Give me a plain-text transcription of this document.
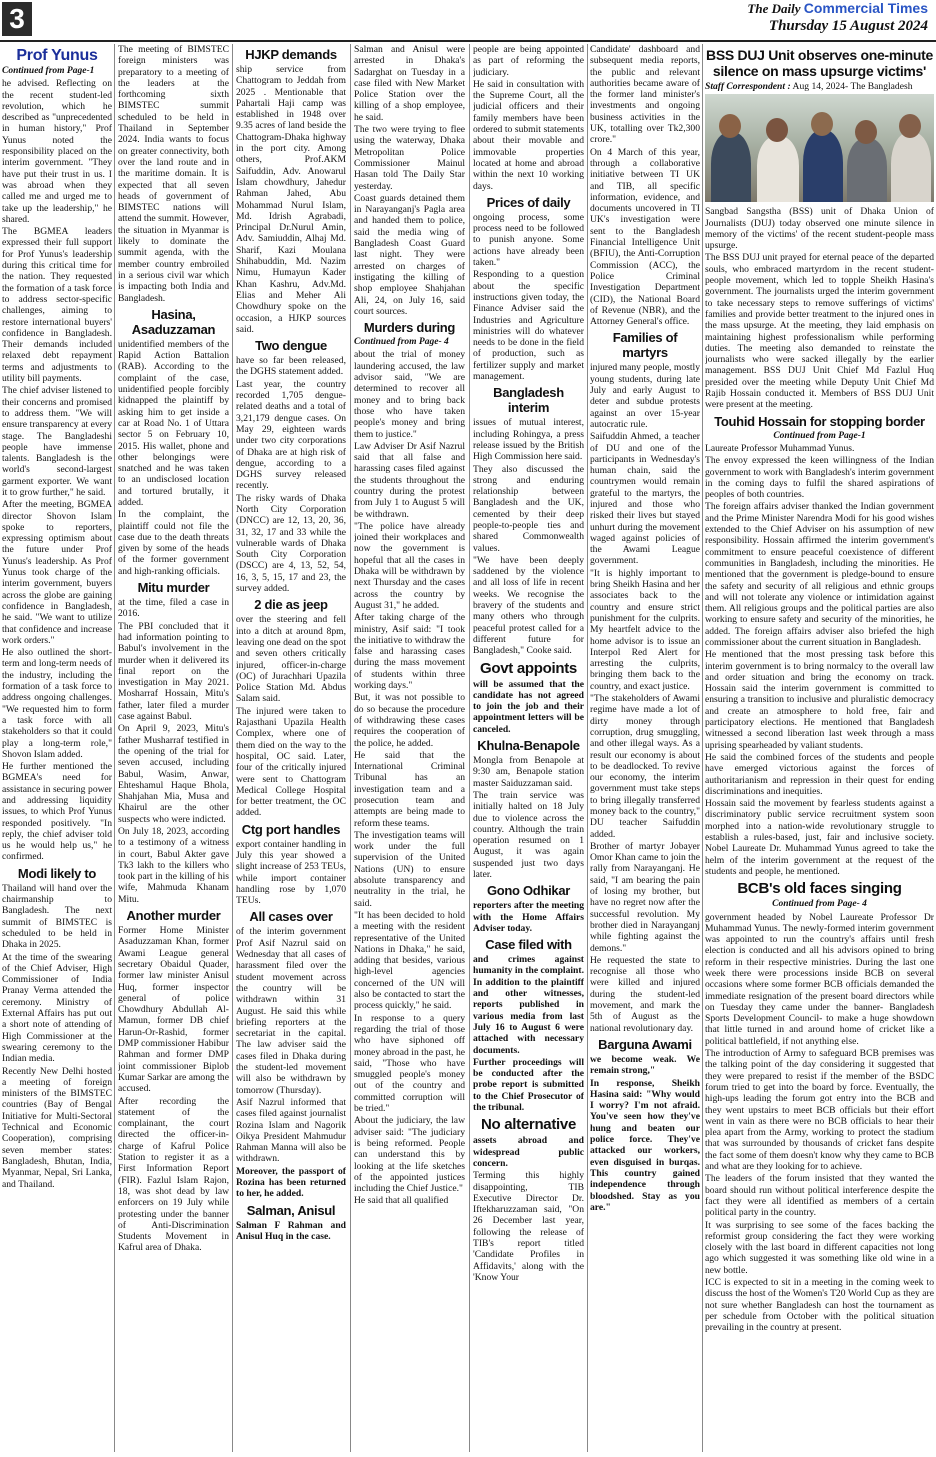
3	The Daily Commercial Times
Thursday 15 August 2024
Prof Yunus
Continued from Page-1

he advised. Reflecting on the recent student-led revolution, which he described as "unprecedented in human history," Prof Yunus noted the responsibility placed on the interim government. "They have put their trust in us. I was abroad when they called me and urged me to take up the leadership," he shared.

The BGMEA leaders expressed their full support for Prof Yunus's leadership during this critical time for the nation. They requested the formation of a task force to address sector-specific challenges, aiming to restore international buyers' confidence in Bangladesh. Their demands included relaxed debt repayment terms and adjustments to utility bill payments.

The chief adviser listened to their concerns and promised to address them. "We will ensure transparency at every stage. The Bangladeshi people have immense talents. Bangladesh is the world's second-largest garment exporter. We want it to grow further," he said.

After the meeting, BGMEA director Shovon Islam spoke to reporters, expressing optimism about the future under Prof Yunus's leadership. As Prof Yunus took charge of the interim government, buyers across the globe are gaining confidence in Bangladesh, he said. "We want to utilize that confidence and increase work orders."

He also outlined the short-term and long-term needs of the industry, including the formation of a task force to address ongoing challenges. "We requested him to form a task force with all stakeholders so that it could play a long-term role," Shovon Islam added.

He further mentioned the BGMEA's need for assistance in securing power and addressing liquidity issues, to which Prof Yunus responded positively. "In reply, the chief adviser told us he would help us," he confirmed.

Modi likely to

Thailand will hand over the chairmanship to Bangladesh. The next summit of BIMSTEC is scheduled to be held in Dhaka in 2025.

At the time of the swearing of the Chief Adviser, High Commissioner of India Pranay Verma attended the ceremony. Ministry of External Affairs has put out a short note of attending of High Commissioner at the swearing ceremony to the Indian media.

Recently New Delhi hosted a meeting of foreign ministers of the BIMSTEC countries (Bay of Bengal Initiative for Multi-Sectoral Technical and Economic Cooperation), comprising seven member states: Bangladesh, Bhutan, India, Myanmar, Nepal, Sri Lanka, and Thailand.

The meeting of BIMSTEC foreign ministers was preparatory to a meeting of the leaders at the forthcoming sixth BIMSTEC summit scheduled to be held in Thailand in September 2024. India wants to focus on greater connectivity, both over the land route and in the maritime domain. It is expected that all seven heads of government of BIMSTEC nations will attend the summit. However, the situation in Myanmar is likely to dominate the summit agenda, with the member country embroiled in a serious civil war which is impacting both India and Bangladesh.

Hasina, Asaduzzaman

unidentified members of the Rapid Action Battalion (RAB). According to the complaint of the case, unidentified people forcibly kidnapped the plaintiff by asking him to get inside a car at Road No. 1 of Uttara sector 5 on February 10, 2015. His wallet, phone and other belongings were snatched and he was taken to an undisclosed location and tortured brutally, it added.

In the complaint, the plaintiff could not file the case due to the death threats given by some of the heads of the former government and high-ranking officials.

Mitu murder

at the time, filed a case in 2016.

The PBI concluded that it had information pointing to Babul's involvement in the murder when it delivered its final report on the investigation in May 2021. Mosharraf Hossain, Mitu's father, later filed a murder case against Babul.

On April 9, 2023, Mitu's father Musharraf testified in the opening of the trial for seven accused, including Babul, Wasim, Anwar, Ehteshamul Haque Bhola, Shahjahan Mia, Musa and Khairul are the other suspects who were indicted.

On July 18, 2023, according to a testimony of a witness in court, Babul Akter gave Tk3 lakh to the killers who took part in the killing of his wife, Mahmuda Khanam Mitu.

Another murder

Former Home Minister Asaduzzaman Khan, former Awami League general secretary Obaidul Quader, former law minister Anisul Huq, former inspector general of police Chowdhury Abdullah Al-Mamun, former DB chief Harun-Or-Rashid, former DMP commissioner Habibur Rahman and former DMP joint commissioner Biplob Kumar Sarkar are among the accused.

After recording the statement of the complainant, the court directed the officer-in-charge of Kafrul Police Station to register it as a First Information Report (FIR). Fazlul Islam Rajon, 18, was shot dead by law enforcers on 19 July while protesting under the banner of Anti-Discrimination Students Movement in Kafrul area of Dhaka.

HJKP demands

ship service from Chattogram to Jeddah from 2025 . Mentionable that Pahartali Haji camp was established in 1948 over 9.35 acres of land beside the Chattogram-Dhaka highway in the port city. Among others, Prof.AKM Saifuddin, Adv. Anowarul Islam chowdhury, Jahedur Rahman Jahed, Abu Mohammad Nurul Islam, Md. Idrish Agrabadi, Principal Dr.Nurul Amin, Adv. Samiuddin, Alhaj Md. Sharif, Kazi Moulana Shihabuddin, Md. Nazim Nimu, Humayun Kader Khan Kashru, Adv.Md. Elias and Meher Ali Chowdhury spoke on the occasion, a HJKP sources said.

Two dengue

have so far been released, the DGHS statement added.

Last year, the country recorded 1,705 dengue-related deaths and a total of 3,21,179 dengue cases. On May 29, eighteen wards under two city corporations of Dhaka are at high risk of dengue, according to a DGHS survey released recently.

The risky wards of Dhaka North City Corporation (DNCC) are 12, 13, 20, 36, 31, 32, 17 and 33 while the vulnerable wards of Dhaka South City Corporation (DSCC) are 4, 13, 52, 54, 16, 3, 5, 15, 17 and 23, the survey added.

2 die as jeep

over the steering and fell into a ditch at around 8pm, leaving one dead on the spot and seven others critically injured, officer-in-charge (OC) of Jurachhari Upazila Police Station Md. Abdus Salam said.

The injured were taken to Rajasthani Upazila Health Complex, where one of them died on the way to the hospital, OC said. Later, four of the critically injured were sent to Chattogram Medical College Hospital for better treatment, the OC added.

Ctg port handles

export container handling in July this year showed a slight increase of 253 TEUs, while import container handling rose by 1,070 TEUs.

All cases over

of the interim government Prof Asif Nazrul said on Wednesday that all cases of harassment filed over the student movement across the country will be withdrawn within 31 August. He said this while briefing reporters at the secretariat in the capital. The law adviser said the cases filed in Dhaka during the student-led movement will also be withdrawn by tomorrow (Thursday).

Asif Nazrul informed that cases filed against journalist Rozina Islam and Nagorik Oikya President Mahmudur Rahman Manna will also be withdrawn.

Moreover, the passport of Rozina has been returned to her, he added.

Salman, Anisul

Salman F Rahman and Anisul Huq in the case.

Salman and Anisul were arrested in Dhaka's Sadarghat on Tuesday in a case filed with New Market Police Station over the killing of a shop employee, he said.

The two were trying to flee using the waterway, Dhaka Metropolitan Police Commissioner Mainul Hasan told The Daily Star yesterday.

Coast guards detained them in Narayanganj's Pagla area and handed them to police, said the media wing of Bangladesh Coast Guard last night. They were arrested on charges of instigating the killing of shop employee Shahjahan Ali, 24, on July 16, said court sources.

Murders during
Continued from Page- 4

about the trial of money laundering accused, the law advisor said, "We are determined to recover all money and to bring back those who have taken people's money and bring them to justice."

Law Adviser Dr Asif Nazrul said that all false and harassing cases filed against the students throughout the country during the protest from July 1 to August 5 will be withdrawn.

"The police have already joined their workplaces and now the government is hopeful that all the cases in Dhaka will be withdrawn by next Thursday and the cases across the country by August 31," he added.

After taking charge of the ministry, Asif said: "I took the initiative to withdraw the false and harassing cases during the mass movement of students within three working days."

But, it was not possible to do so because the procedure of withdrawing these cases requires the cooperation of the police, he added.

He said that the International Criminal Tribunal has an investigation team and a prosecution team and attempts are being made to reform these teams.

The investigation teams will work under the full supervision of the United Nations (UN) to ensure absolute transparency and neutrality in the trial, he said.

"It has been decided to hold a meeting with the resident representative of the United Nations in Dhaka," he said, adding that besides, various high-level agencies concerned of the UN will also be contacted to start the process quickly," he said.

In response to a query regarding the trial of those who have siphoned off money abroad in the past, he said, "Those who have smuggled people's money out of the country and committed corruption will be tried."

About the judiciary, the law adviser said: "The judiciary is being reformed. People can understand this by looking at the life sketches of the appointed justices including the Chief Justice."

He said that all qualified

people are being appointed as part of reforming the judiciary.

He said in consultation with the Supreme Court, all the judicial officers and their family members have been ordered to submit statements about their movable and immovable properties located at home and abroad within the next 10 working days.

Prices of daily

ongoing process, some process need to be followed to punish anyone. Some actions have already been taken."

Responding to a question about the specific instructions given today, the Finance Adviser said the Industries and Agriculture ministries will do whatever needs to be done in the field of production, such as fertilizer supply and market management.

Bangladesh interim

issues of mutual interest, including Rohingya, a press release issued by the British High Commission here said.

They also discussed the strong and enduring relationship between Bangladesh and the UK, cemented by their deep people-to-people ties and shared Commonwealth values.

"We have been deeply saddened by the violence and all loss of life in recent weeks. We recognise the bravery of the students and many others who through peaceful protest called for a different future for Bangladesh," Cooke said.

Govt appoints

will be assumed that the candidate has not agreed to join the job and their appointment letters will be canceled.

Khulna-Benapole

Mongla from Benapole at 9:30 am, Benapole station master Saiduzzaman said.

The train service was initially halted on 18 July due to violence across the country. Although the train operation resumed on 1 August, it was again suspended just two days later.

Gono Odhikar

reporters after the meeting with the Home Affairs Adviser today.

Case filed with

and crimes against humanity in the complaint. In addition to the plaintiff and other witnesses, reports published in various media from last July 16 to August 6 were attached with necessary documents.

Further proceedings will be conducted after the probe report is submitted to the Chief Prosecutor of the tribunal.

No alternative

assets abroad and widespread public concern.

Terming this highly disappointing, TIB Executive Director Dr. Iftekharuzzaman said, "On 26 December last year, following the release of TIB's report titled 'Candidate Profiles in Affidavits,' along with the 'Know Your

Candidate' dashboard and subsequent media reports, the public and relevant authorities became aware of the former land minister's investments and ongoing business activities in the UK, totalling over Tk2,300 crore."

On 4 March of this year, through a collaborative initiative between TI UK and TIB, all specific information, evidence, and documents uncovered in TI UK's investigation were sent to the Bangladesh Financial Intelligence Unit (BFIU), the Anti-Corruption Commission (ACC), the Police Criminal Investigation Department (CID), the National Board of Revenue (NBR), and the Attorney General's office.

Families of martyrs

injured many people, mostly young students, during late July and early August to deter and subdue protests against an over 15-year autocratic rule.

Saifuddin Ahmed, a teacher of DU and one of the participants in Wednesday's human chain, said the countrymen would remain grateful to the martyrs, the injured and those who risked their lives but stayed unhurt during the movement waged against policies of the Awami League government.

"It is highly important to bring Sheikh Hasina and her associates back to the country and ensure strict punishment for the culprits. My heartfelt advice to the home advisor is to issue an Interpol Red Alert for arresting the culprits, bringing them back to the country, and exact justice.

"The stakeholders of Awami regime have made a lot of dirty money through corruption, drug smuggling, and other illegal ways. As a result our economy is about to be deadlocked. To revive our economy, the interim government must take steps to bring illegally transferred money back to the country," DU teacher Saifuddin added.

Brother of martyr Jobayer Omor Khan came to join the rally from Narayanganj. He said, "I am bearing the pain of losing my brother, but have no regret now after the successful revolution. My brother died in Narayanganj while fighting against the demons."

He requested the state to recognise all those who were killed and injured during the student-led movement, and mark the 5th of August as the national revolutionary day.

Barguna Awami

we become weak. We remain strong,"

In response, Sheikh Hasina said: "Why would I worry? I'm not afraid. You've seen how they've hung and beaten our police force. They've attacked our workers, even disguised in burqas. This country gained independence through bloodshed. Stay as you are."

BSS DUJ Unit observes one-minute silence on mass upsurge victims'
Staff Correspondent : Aug 14, 2024- The Bangladesh

Sangbad Sangstha (BSS) unit of Dhaka Union of Journalists (DUJ) today observed one minute silence in memory of the victims' of the recent student-people mass upsurge.

The BSS DUJ unit prayed for eternal peace of the departed souls, who embraced martyrdom in the recent student-people movement, which led to topple Sheikh Hasina's government. The journalists urged the interim government to take necessary steps to remove sufferings of victims' families and provide better treatment to the injured ones in the mass upsurge. At the meeting, they laid emphasis on maintaining highest professionalism while performing duties. The meeting also demanded to reinstate the journalists who were sacked illegally by the earlier management. BSS DUJ Unit Chief Md Fazlul Huq presided over the meeting while Deputy Unit Chief Md Rajib Hossain conducted it. Members of BSS DUJ Unit were present at the meeting.

Touhid Hossain for stopping border
Continued from Page-1

Laureate Professor Muhammad Yunus.

The envoy expressed the keen willingness of the Indian government to work with Bangladesh's interim government in the coming days to fulfil the shared aspirations of peoples of both countries.

The foreign affairs adviser thanked the Indian government and the Prime Minister Narendra Modi for his good wishes extended to the Chief Adviser on his assumption of new responsibility. Hossain affirmed the interim government's commitment to ensure peaceful coexistence of different communities in Bangladesh, including the minorities. He mentioned that the government is pledge-bound to ensure the safety and security of all religious and ethnic groups and will not tolerate any violence or intimidation against them. All religious groups and the political parties are also working to ensure safety and security of the minorities, he added. The foreign affairs adviser also briefed the high commissioner about the current situation in Bangladesh.

He mentioned that the most pressing task before this interim government is to bring normalcy to the overall law and order situation and bring the economy on track. Hossain said the interim government is committed to ensuring a transition to inclusive and pluralistic democracy and create an atmosphere to hold free, fair and participatory elections. He mentioned that Bangladesh witnessed a second liberation last week through a mass uprising spearheaded by valiant students.

He said the combined forces of the students and people have emerged victorious against the forces of authoritarianism and repression in their quest for ending discriminations and inequities.

Hossain said the movement by fearless students against a discriminatory public service recruitment system soon morphed into a nation-wide revolutionary struggle to establish a rules-based, just, fair and inclusive society. Nobel Laureate Dr. Muhammad Yunus agreed to take the helm of the interim government at the request of the students and people, he mentioned.

BCB's old faces singing
Continued from Page- 4

government headed by Nobel Laureate Professor Dr Muhammad Yunus. The newly-formed interim government was appointed to run the country's affairs until fresh election is conducted and all his advisors opined to bring reform in their respective ministries. During the last one week there were processions inside BCB on several occasions where some former BCB officials demanded the immediate resignation of the present board directors while on Tuesday they came under the banner- Bangladesh Sports Development Council- to make a huge showdown that little turned in and around home of cricket like a political battlefield, if not anything else.

The introduction of Army to safeguard BCB premises was the talking point of the day considering it suggested that they were prepared to resist if the member of the BSDC forum tried to get into the board by force. Eventually, the high-ups leading the forum got entry into the BCB and they went upstairs to meet BCB officials but their effort went in vain as there were no BCB officials to hear their plea apart from the Army, working to protect the stadium that was surrounded by thousands of cricket fans despite the fact some of them doesn't know why they came to BCB and what are they looking for to achieve.

The leaders of the forum insisted that they wanted the board should run without political interference despite the fact they were all identified as members of a certain political party in the country.

It was surprising to see some of the faces backing the reformist group considering the fact they were working closely with the last board in different capacities not long ago which suggested it was something like old wine in a new bottle.

ICC is expected to sit in a meeting in the coming week to discuss the host of the Women's T20 World Cup as they are not sure whether Bangladesh can host the tournament as per schedule from October with the political situation prevailing in the country at present.
